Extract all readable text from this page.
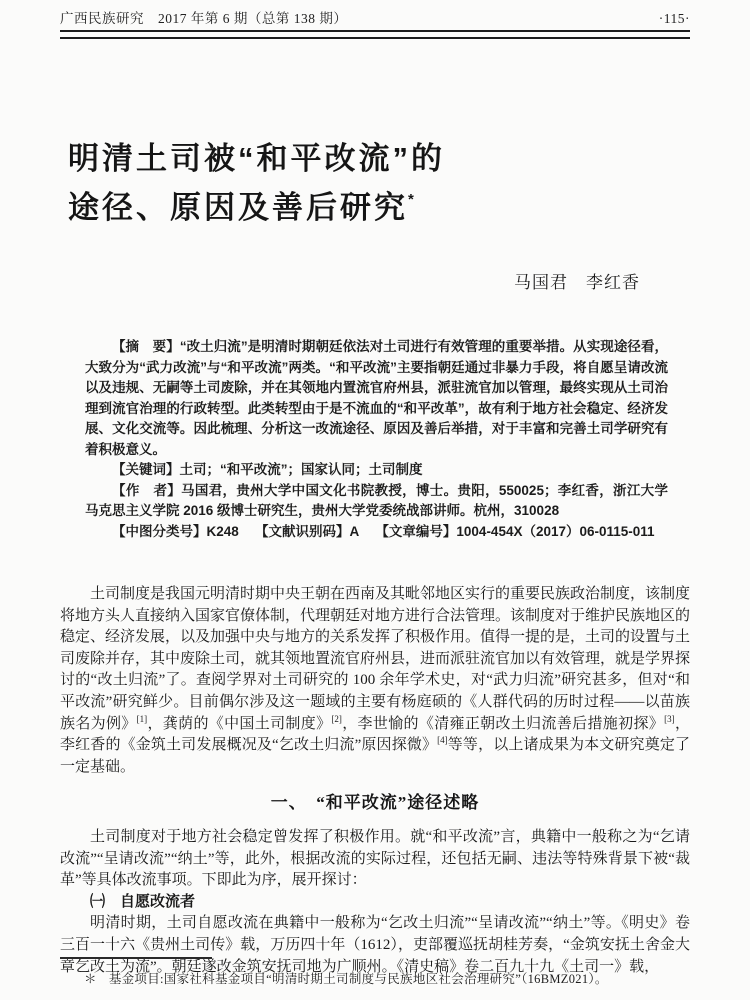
广西民族研究　2017 年第 6 期（总第 138 期）	·115·
明清土司被“和平改流”的
途径、原因及善后研究*
马国君　李红香

【摘　要】“改土归流”是明清时期朝廷依法对土司进行有效管理的重要举措。从实现途径看，大致分为“武力改流”与“和平改流”两类。“和平改流”主要指朝廷通过非暴力手段，将自愿呈请改流以及违规、无嗣等土司废除，并在其领地内置流官府州县，派驻流官加以管理，最终实现从土司治理到流官治理的行政转型。此类转型由于是不流血的“和平改革”，故有利于地方社会稳定、经济发展、文化交流等。因此梳理、分析这一改流途径、原因及善后举措，对于丰富和完善土司学研究有着积极意义。

【关键词】土司；“和平改流”；国家认同；土司制度

【作　者】马国君，贵州大学中国文化书院教授，博士。贵阳，550025；李红香，浙江大学马克思主义学院 2016 级博士研究生，贵州大学党委统战部讲师。杭州，310028

【中图分类号】K248 【文献识别码】A 【文章编号】1004-454X（2017）06-0115-011

土司制度是我国元明清时期中央王朝在西南及其毗邻地区实行的重要民族政治制度，该制度将地方头人直接纳入国家官僚体制，代理朝廷对地方进行合法管理。该制度对于维护民族地区的稳定、经济发展，以及加强中央与地方的关系发挥了积极作用。值得一提的是，土司的设置与土司废除并存，其中废除土司，就其领地置流官府州县，进而派驻流官加以有效管理，就是学界探讨的“改土归流”了。查阅学界对土司研究的 100 余年学术史，对“武力归流”研究甚多，但对“和平改流”研究鲜少。目前偶尔涉及这一题域的主要有杨庭硕的《人群代码的历时过程——以苗族族名为例》[1]，龚荫的《中国土司制度》[2]，李世愉的《清雍正朝改土归流善后措施初探》[3]，李红香的《金筑土司发展概况及“乞改土归流”原因探微》[4]等等，以上诸成果为本文研究奠定了一定基础。

一、　“和平改流”途径述略

土司制度对于地方社会稳定曾发挥了积极作用。就“和平改流”言，典籍中一般称之为“乞请改流”“呈请改流”“纳土”等，此外，根据改流的实际过程，还包括无嗣、违法等特殊背景下被“裁革”等具体改流事项。下即此为序，展开探讨：

㈠　自愿改流者

明清时期，土司自愿改流在典籍中一般称为“乞改土归流”“呈请改流”“纳土”等。《明史》卷三百一十六《贵州土司传》载，万历四十年（1612），吏部覆巡抚胡桂芳奏，“金筑安抚土舍金大章乞改土为流”。朝廷遂改金筑安抚司地为广顺州。《清史稿》卷二百九十九《土司一》载，

＊ 基金项目:国家社科基金项目“明清时期土司制度与民族地区社会治理研究”（16BMZ021）。
